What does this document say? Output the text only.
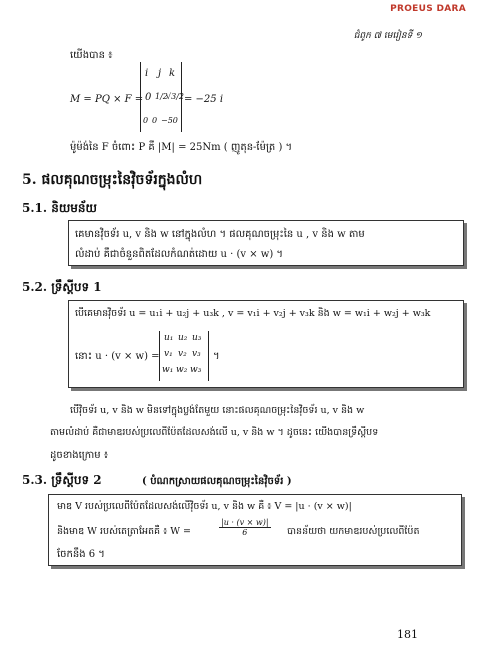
PROEUS DARA
ជំពូក ៧ មេរៀនទី ១
យើងបាន ៖
M = PQ × F =
i j k
0 1/2
√3/2
0 0 −50
= −25 i
ម៉ូម៉ង់នៃ F ចំពោះ P គឺ |M| = 25Nm ( ញូតុន-ម៉ែត្រ ) ។
5. ផលគុណចម្រុះនៃវ៉ិចទ័រក្នុងលំហ
5.1. និយមន័យ
គេមានវ៉ិចទ័រ u, v និង w នៅក្នុងលំហ ។ ផលគុណចម្រុះនៃ u , v និង w តាម
លំដាប់ គឺជាចំនួនពិតដែលកំណត់ដោយ u · (v × w) ។
5.2. ទ្រឹស្តីបទ 1
បើគេមានវ៉ិចទ័រ u = u₁i + u₂j + u₃k , v = v₁i + v₂j + v₃k និង w = w₁i + w₂j + w₃k
នោះ u · (v × w) =
u₁ u₂ u₃
v₁ v₂ v₃
w₁ w₂ w₃
។
បើវ៉ិចទ័រ u, v និង w មិនទៅក្នុងប្លង់តែមួយ នោះផលគុណចម្រុះនៃវ៉ិចទ័រ u, v និង w
តាមលំដាប់ គឺជាមាឌរបស់ប្រលេពីប៉ែតដែលសង់លើ u, v និង w ។ ដូចនេះ យើងបានទ្រឹស្តីបទ
ដូចខាងក្រោម ៖
5.3. ទ្រឹស្តីបទ 2	( បំណកស្រាយផលគុណចម្រុះនៃវ៉ិចទ័រ )
មាឌ V របស់ប្រលេពីប៉ែតដែលសង់លើវ៉ិចទ័រ u, v និង w គឺ ៖ V = |u · (v × w)|
និងមាឌ W របស់តេត្រាអែតគឺ ៖ W =	$\frac{|u \cdot (v \times w)|}{6}$ បានន័យថា យកមាឌរបស់ប្រលេពីប៉ែត
ចែកនឹង 6 ។
181
